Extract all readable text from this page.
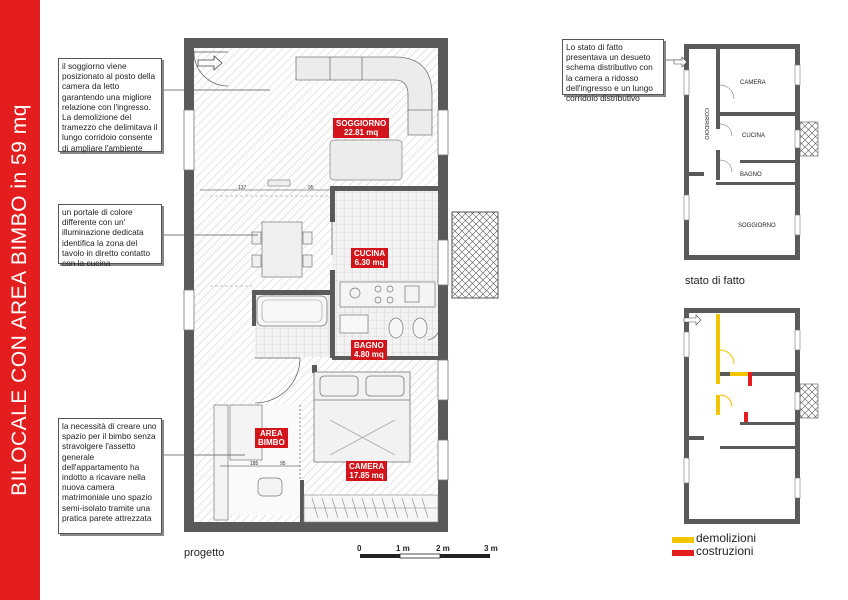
BILOCALE CON AREA BIMBO in 59 mq	137	95
185	95
CAMERA
CORRIDOIO	CUCINA
BAGNO
SOGGIORNO
SOGGIORNO
22.81 mq
CUCINA
6.30 mq
BAGNO
4.80 mq
AREA
BIMBO
CAMERA
17.85 mq
il soggiorno viene posizionato al posto della camera da letto garantendo una migliore relazione con l'ingresso. La demolizione del tramezzo che delimitava il lungo corridoio consente di ampliare l'ambiente
un portale di colore differente con un' illuminazione dedicata identifica la zona del tavolo in diretto contatto con la cucina
la necessità di creare uno spazio per il bimbo senza stravolgere l'assetto generale dell'appartamento ha indotto a ricavare nella nuova camera matrimoniale uno spazio semi-isolato tramite una pratica parete attrezzata
Lo stato di fatto presentava un desueto schema distributivo con la camera a ridosso dell'ingresso e un lungo corridoio distributivo
progetto
stato di fatto
0	1 m	2 m	3 m
demolizioni
costruzioni
